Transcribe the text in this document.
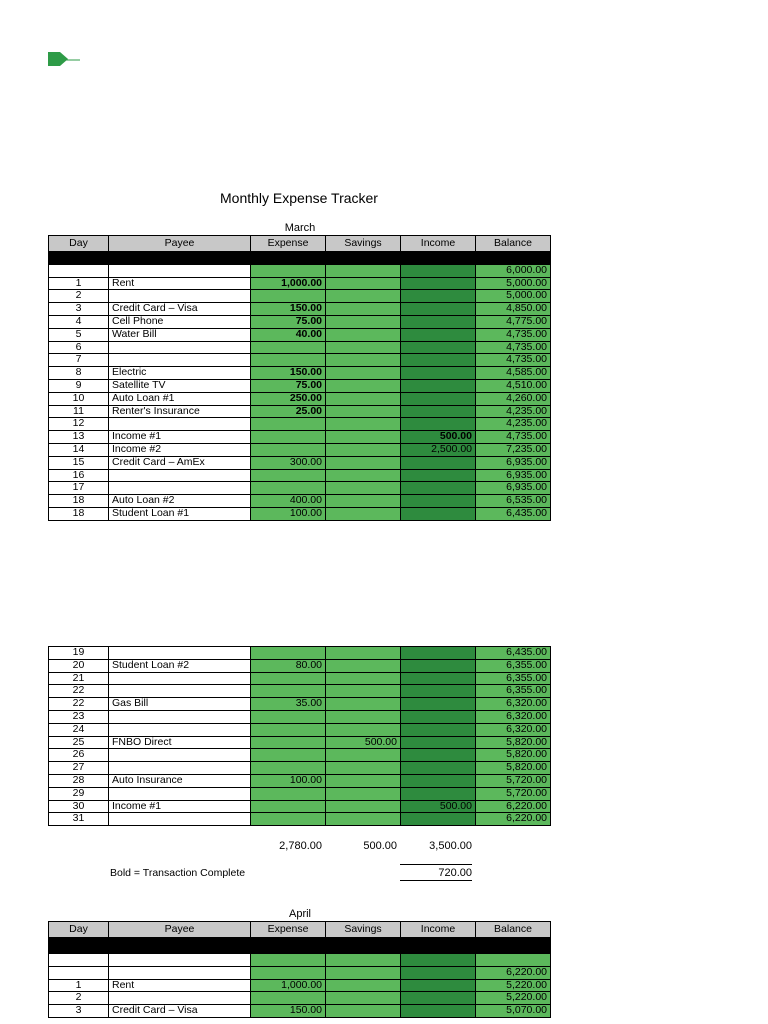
Monthly Expense Tracker
March
Day	Payee	Expense	Savings	Income	Balance

					6,000.00
1	Rent	1,000.00			5,000.00
2					5,000.00
3	Credit Card – Visa	150.00			4,850.00
4	Cell Phone	75.00			4,775.00
5	Water Bill	40.00			4,735.00
6					4,735.00
7					4,735.00
8	Electric	150.00			4,585.00
9	Satellite TV	75.00			4,510.00
10	Auto Loan #1	250.00			4,260.00
11	Renter's Insurance	25.00			4,235.00
12					4,235.00
13	Income #1			500.00	4,735.00
14	Income #2			2,500.00	7,235.00
15	Credit Card – AmEx	300.00			6,935.00
16					6,935.00
17					6,935.00
18	Auto Loan #2	400.00			6,535.00
18	Student Loan #1	100.00			6,435.00
19					6,435.00
20	Student Loan #2	80.00			6,355.00
21					6,355.00
22					6,355.00
22	Gas Bill	35.00			6,320.00
23					6,320.00
24					6,320.00
25	FNBO Direct		500.00		5,820.00
26					5,820.00
27					5,820.00
28	Auto Insurance	100.00			5,720.00
29					5,720.00
30	Income #1			500.00	6,220.00
31					6,220.00
2,780.00	500.00	3,500.00
Bold = Transaction Complete	720.00
April
Day	Payee	Expense	Savings	Income	Balance

					6,220.00
1	Rent	1,000.00			5,220.00
2					5,220.00
3	Credit Card – Visa	150.00			5,070.00
